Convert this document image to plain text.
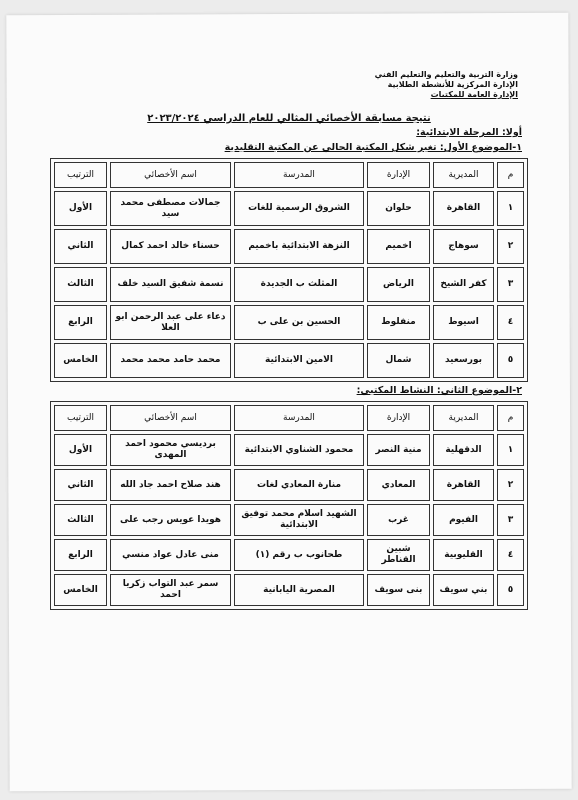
وزارة التربية والتعليم والتعليم الفني
الإدارة المركزية للأنشطة الطلابية
الإدارة العامة للمكتبات
نتيجة مسابقة الأخصائي المثالي للعام الدراسي ٢٠٢٣/٢٠٢٤
أولا: المرحلة الابتدائية:
١-الموضوع الأول: تغير شكل المكتبة الحالي عن المكتبة التقليدية
م	المديرية	الإدارة	المدرسة	اسم الأخصائي	الترتيب
١	القاهرة	حلوان	الشروق الرسمية للغات	جمالات مصطفى محمد سيد	الأول
٢	سوهاج	اخميم	النزهة الابتدائية باخميم	حسناء خالد احمد كمال	الثاني
٣	كفر الشيخ	الرياض	المثلث ب الجديدة	نسمة شفيق السيد خلف	الثالث
٤	اسيوط	منفلوط	الحسين بن على ب	دعاء على عبد الرحمن ابو العلا	الرابع
٥	بورسعيد	شمال	الامين الابتدائية	محمد حامد محمد محمد	الخامس
٢-الموضوع الثاني: النشاط المكتبي:
م	المديرية	الإدارة	المدرسة	اسم الأخصائي	الترتيب
١	الدقهلية	منية النصر	محمود الشناوي الابتدائية	برديسي محمود احمد المهدى	الأول
٢	القاهرة	المعادي	منارة المعادي لغات	هند صلاح احمد جاد الله	الثاني
٣	الفيوم	غرب	الشهيد اسلام محمد توفيق الابتدائية	هويدا عويس رجب على	الثالث
٤	القليوبية	شبين القناطر	طحانوب ب رقم (١)	منى عادل عواد منسي	الرابع
٥	بني سويف	بنى سويف	المصرية اليابانية	سمر عبد التواب زكريا احمد	الخامس
